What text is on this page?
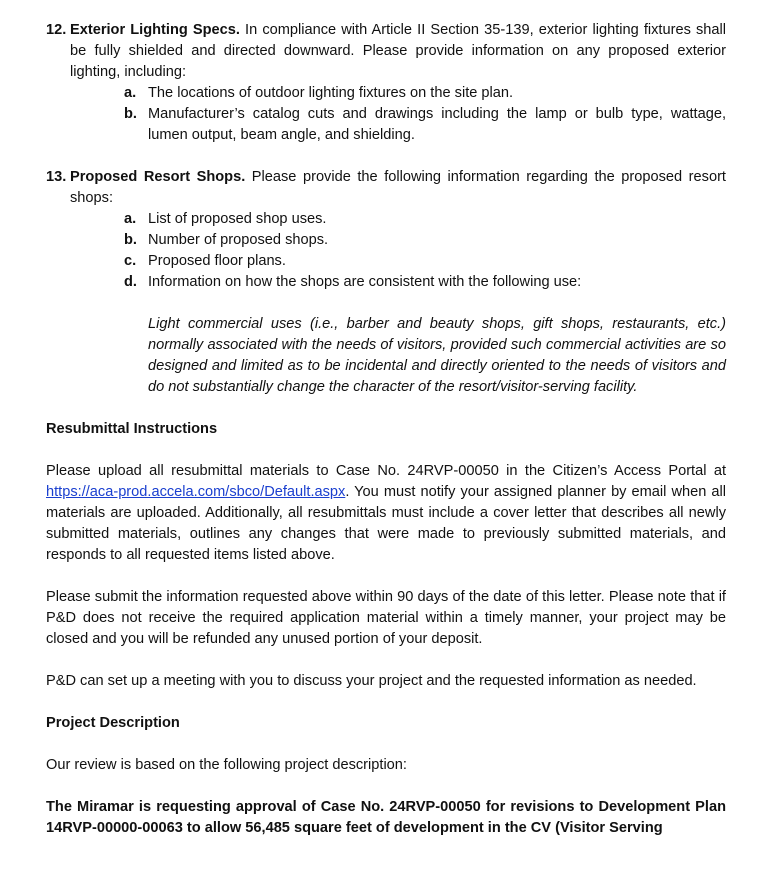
12. Exterior Lighting Specs. In compliance with Article II Section 35-139, exterior lighting fixtures shall be fully shielded and directed downward. Please provide information on any proposed exterior lighting, including:
a. The locations of outdoor lighting fixtures on the site plan.
b. Manufacturer’s catalog cuts and drawings including the lamp or bulb type, wattage, lumen output, beam angle, and shielding.
13. Proposed Resort Shops. Please provide the following information regarding the proposed resort shops:
a. List of proposed shop uses.
b. Number of proposed shops.
c. Proposed floor plans.
d. Information on how the shops are consistent with the following use:
Light commercial uses (i.e., barber and beauty shops, gift shops, restaurants, etc.) normally associated with the needs of visitors, provided such commercial activities are so designed and limited as to be incidental and directly oriented to the needs of visitors and do not substantially change the character of the resort/visitor-serving facility.
Resubmittal Instructions

Please upload all resubmittal materials to Case No. 24RVP-00050 in the Citizen’s Access Portal at https://aca-prod.accela.com/sbco/Default.aspx. You must notify your assigned planner by email when all materials are uploaded. Additionally, all resubmittals must include a cover letter that describes all newly submitted materials, outlines any changes that were made to previously submitted materials, and responds to all requested items listed above.

Please submit the information requested above within 90 days of the date of this letter. Please note that if P&D does not receive the required application material within a timely manner, your project may be closed and you will be refunded any unused portion of your deposit.

P&D can set up a meeting with you to discuss your project and the requested information as needed.

Project Description

Our review is based on the following project description:

The Miramar is requesting approval of Case No. 24RVP-00050 for revisions to Development Plan 14RVP-00000-00063 to allow 56,485 square feet of development in the CV (Visitor Serving
